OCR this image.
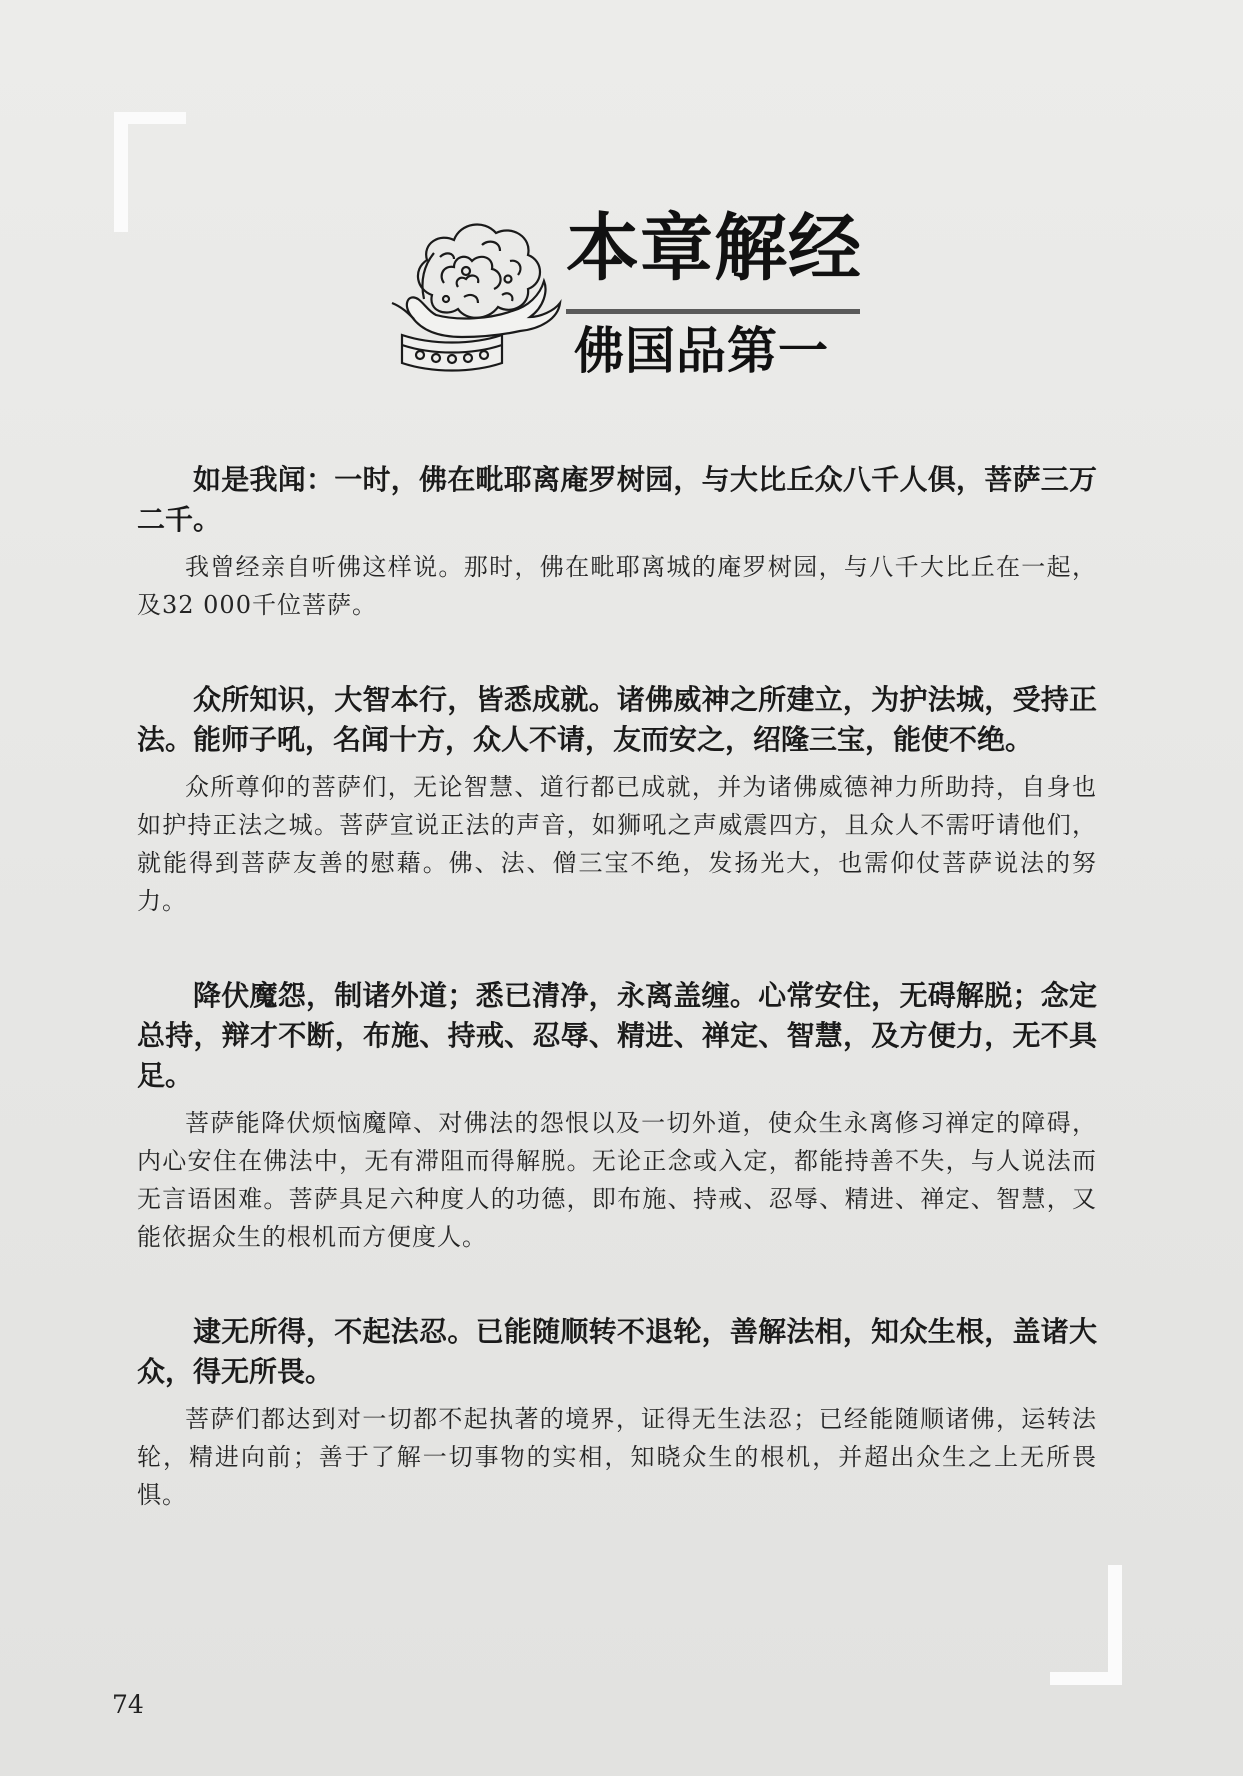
本章解经
佛国品第一

如是我闻：一时，佛在毗耶离庵罗树园，与大比丘众八千人俱，菩萨三万二千。

我曾经亲自听佛这样说。那时，佛在毗耶离城的庵罗树园，与八千大比丘在一起，及32 000千位菩萨。

众所知识，大智本行，皆悉成就。诸佛威神之所建立，为护法城，受持正法。能师子吼，名闻十方，众人不请，友而安之，绍隆三宝，能使不绝。

众所尊仰的菩萨们，无论智慧、道行都已成就，并为诸佛威德神力所助持，自身也如护持正法之城。菩萨宣说正法的声音，如狮吼之声威震四方，且众人不需吁请他们，就能得到菩萨友善的慰藉。佛、法、僧三宝不绝，发扬光大，也需仰仗菩萨说法的努力。

降伏魔怨，制诸外道；悉已清净，永离盖缠。心常安住，无碍解脱；念定总持，辩才不断，布施、持戒、忍辱、精进、禅定、智慧，及方便力，无不具足。

菩萨能降伏烦恼魔障、对佛法的怨恨以及一切外道，使众生永离修习禅定的障碍，内心安住在佛法中，无有滞阻而得解脱。无论正念或入定，都能持善不失，与人说法而无言语困难。菩萨具足六种度人的功德，即布施、持戒、忍辱、精进、禅定、智慧，又能依据众生的根机而方便度人。

逮无所得，不起法忍。已能随顺转不退轮，善解法相，知众生根，盖诸大众，得无所畏。

菩萨们都达到对一切都不起执著的境界，证得无生法忍；已经能随顺诸佛，运转法轮，精进向前；善于了解一切事物的实相，知晓众生的根机，并超出众生之上无所畏惧。

74
